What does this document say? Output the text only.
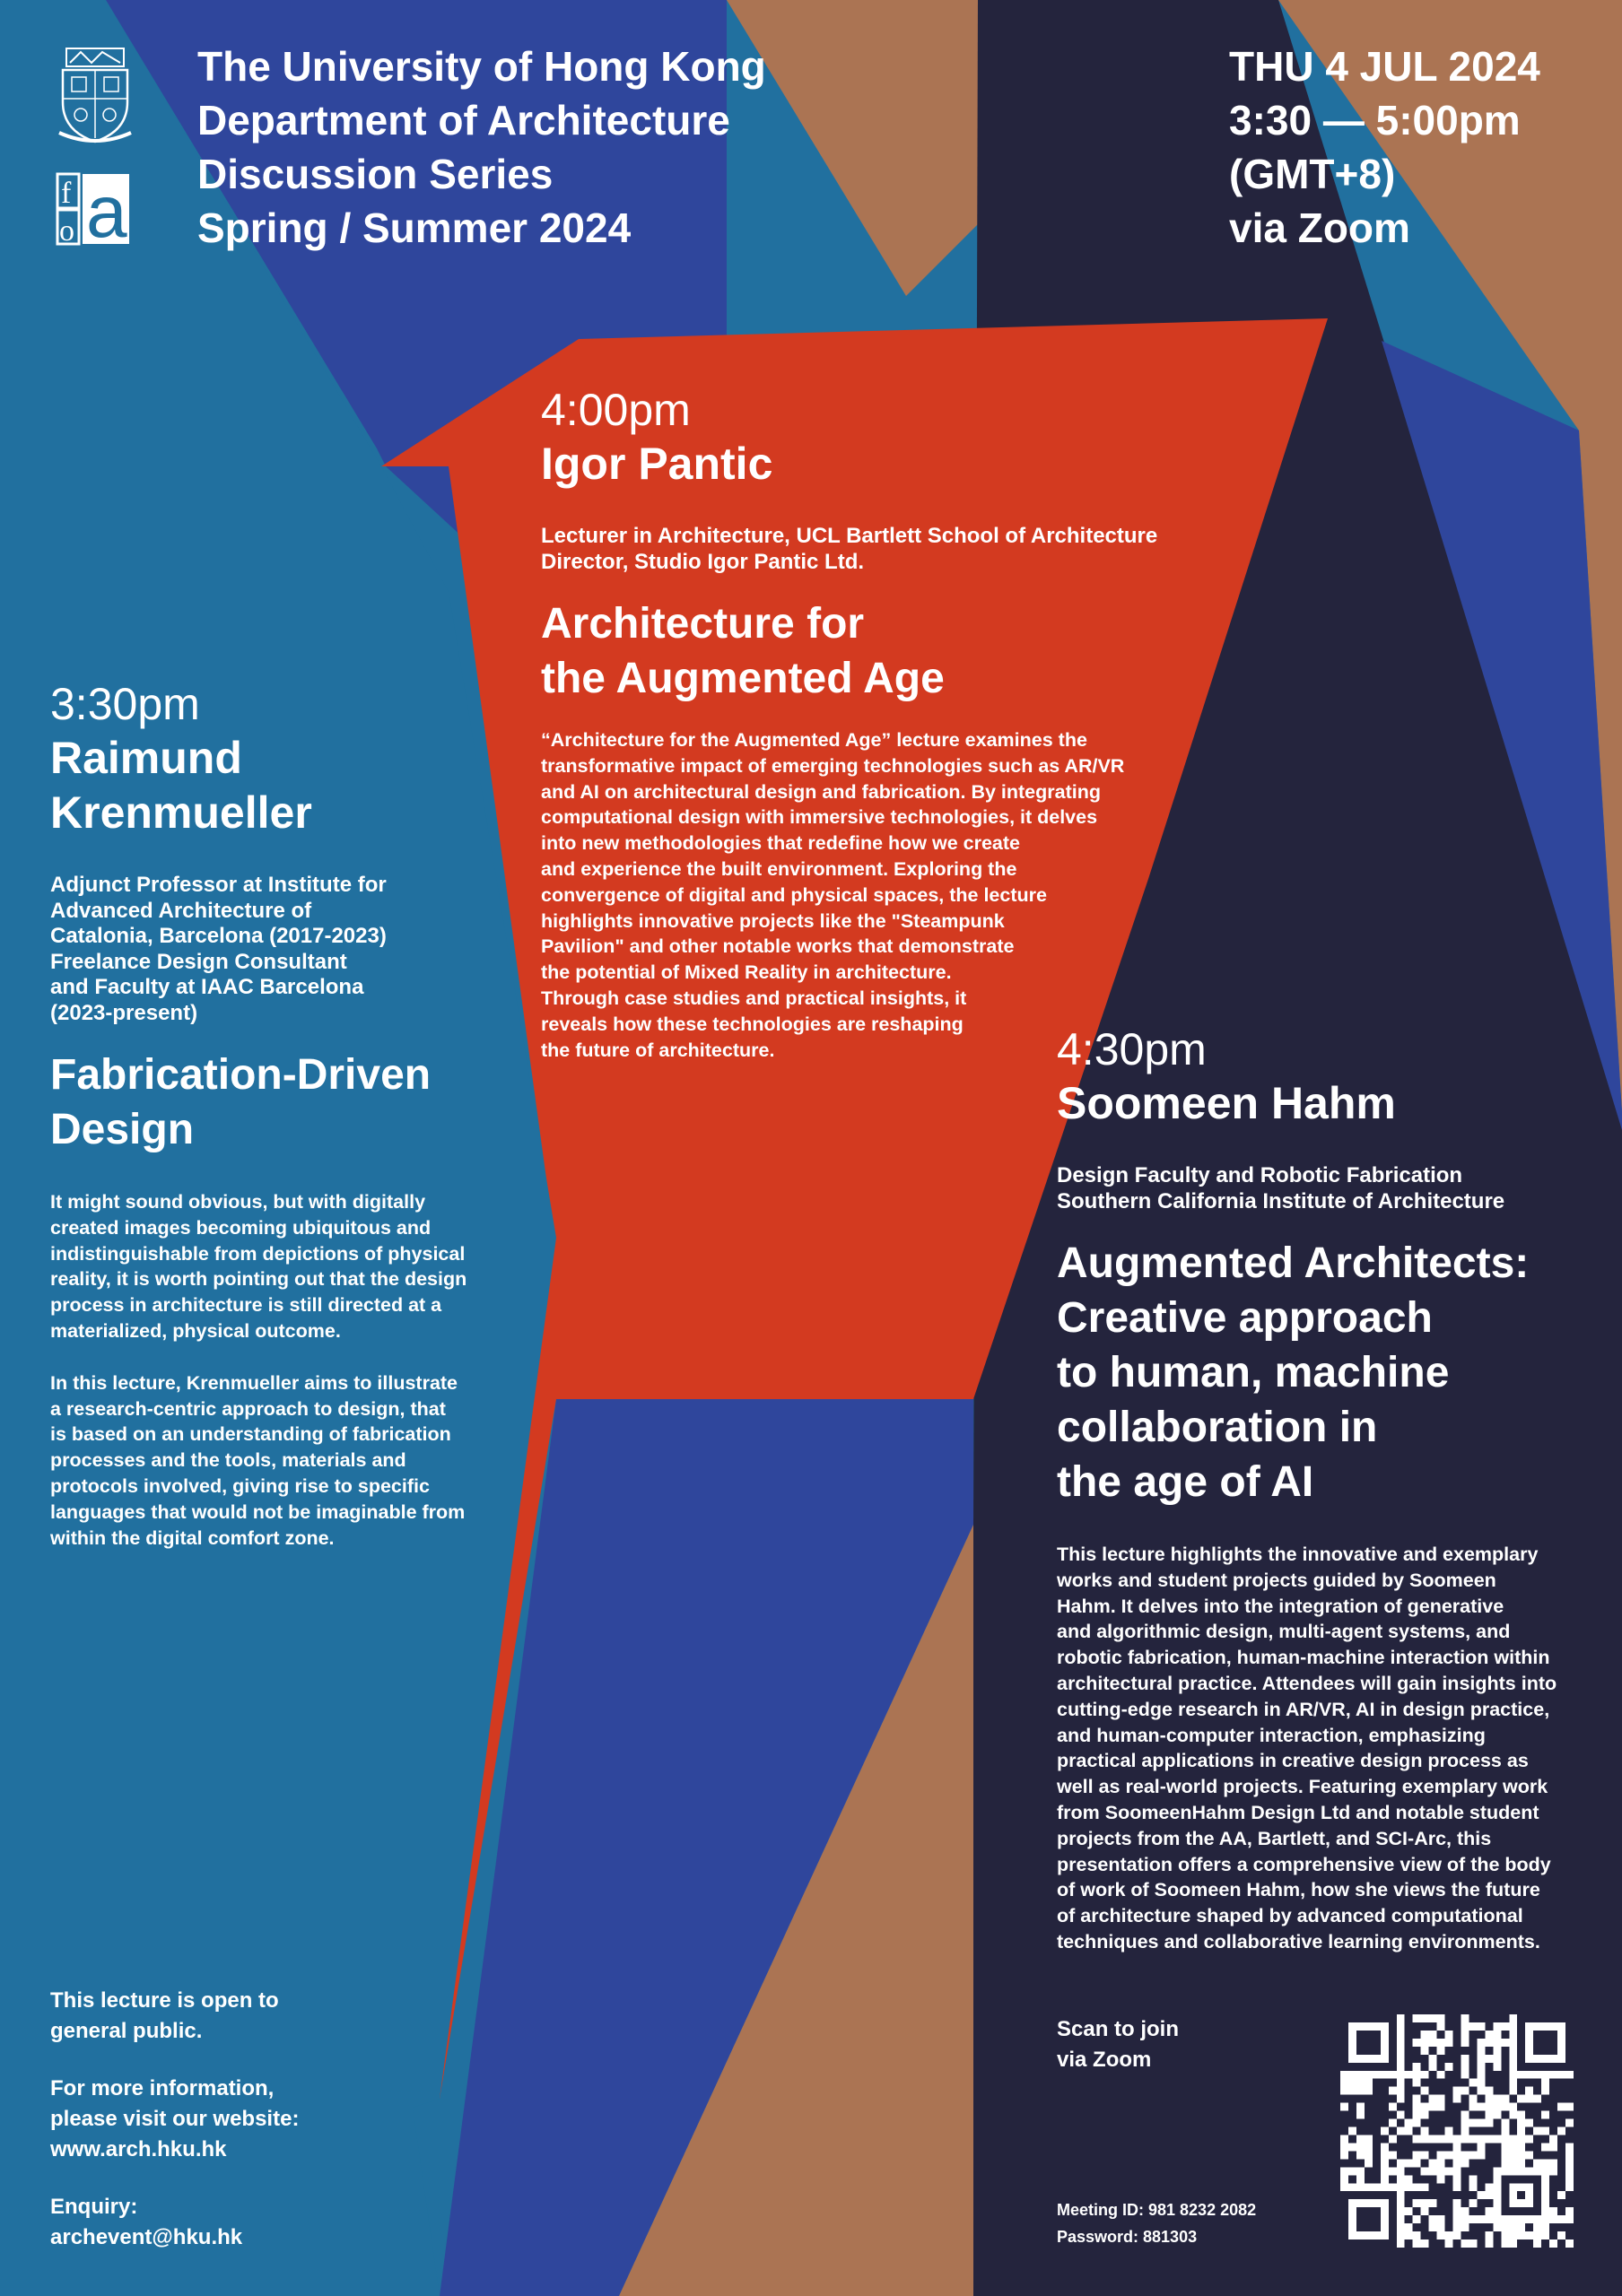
f
o a

The University of Hong Kong

Department of Architecture

Discussion Series

Spring / Summer 2024

THU 4 JUL 2024

3:30 — 5:00pm

(GMT+8)

via Zoom

3:30pm

Raimund

Krenmueller

Adjunct Professor at Institute for

Advanced Architecture of

Catalonia, Barcelona (2017-2023)

Freelance Design Consultant

and Faculty at IAAC Barcelona

(2023-present)

Fabrication-Driven

Design

It might sound obvious, but with digitally

created images becoming ubiquitous and

indistinguishable from depictions of physical

reality, it is worth pointing out that the design

process in architecture is still directed at a

materialized, physical outcome.

In this lecture, Krenmueller aims to illustrate

a research-centric approach to design, that

is based on an understanding of fabrication

processes and the tools, materials and

protocols involved, giving rise to specific

languages that would not be imaginable from

within the digital comfort zone.

4:00pm

Igor Pantic

Lecturer in Architecture, UCL Bartlett School of Architecture

Director, Studio Igor Pantic Ltd.

Architecture for

the Augmented Age

“Architecture for the Augmented Age” lecture examines the

transformative impact of emerging technologies such as AR/VR

and AI on architectural design and fabrication. By integrating

computational design with immersive technologies, it delves

into new methodologies that redefine how we create

and experience the built environment. Exploring the

convergence of digital and physical spaces, the lecture

highlights innovative projects like the "Steampunk

Pavilion" and other notable works that demonstrate

the potential of Mixed Reality in architecture.

Through case studies and practical insights, it

reveals how these technologies are reshaping

the future of architecture.	4:30pm

Soomeen Hahm

Design Faculty and Robotic Fabrication

Southern California Institute of Architecture

Augmented Architects:

Creative approach

to human, machine

collaboration in

the age of AI

This lecture highlights the innovative and exemplary

works and student projects guided by Soomeen

Hahm. It delves into the integration of generative

and algorithmic design, multi-agent systems, and

robotic fabrication, human-machine interaction within

architectural practice. Attendees will gain insights into

cutting-edge research in AR/VR, AI in design practice,

and human-computer interaction, emphasizing

practical applications in creative design process as

well as real-world projects. Featuring exemplary work

from SoomeenHahm Design Ltd and notable student

projects from the AA, Bartlett, and SCI-Arc, this

presentation offers a comprehensive view of the body

of work of Soomeen Hahm, how she views the future

of architecture shaped by advanced computational

techniques and collaborative learning environments.

This lecture is open to

general public.

For more information,

please visit our website:

www.arch.hku.hk

Enquiry:

archevent@hku.hk

Scan to join

via Zoom

Meeting ID: 981 8232 2082

Password: 881303
